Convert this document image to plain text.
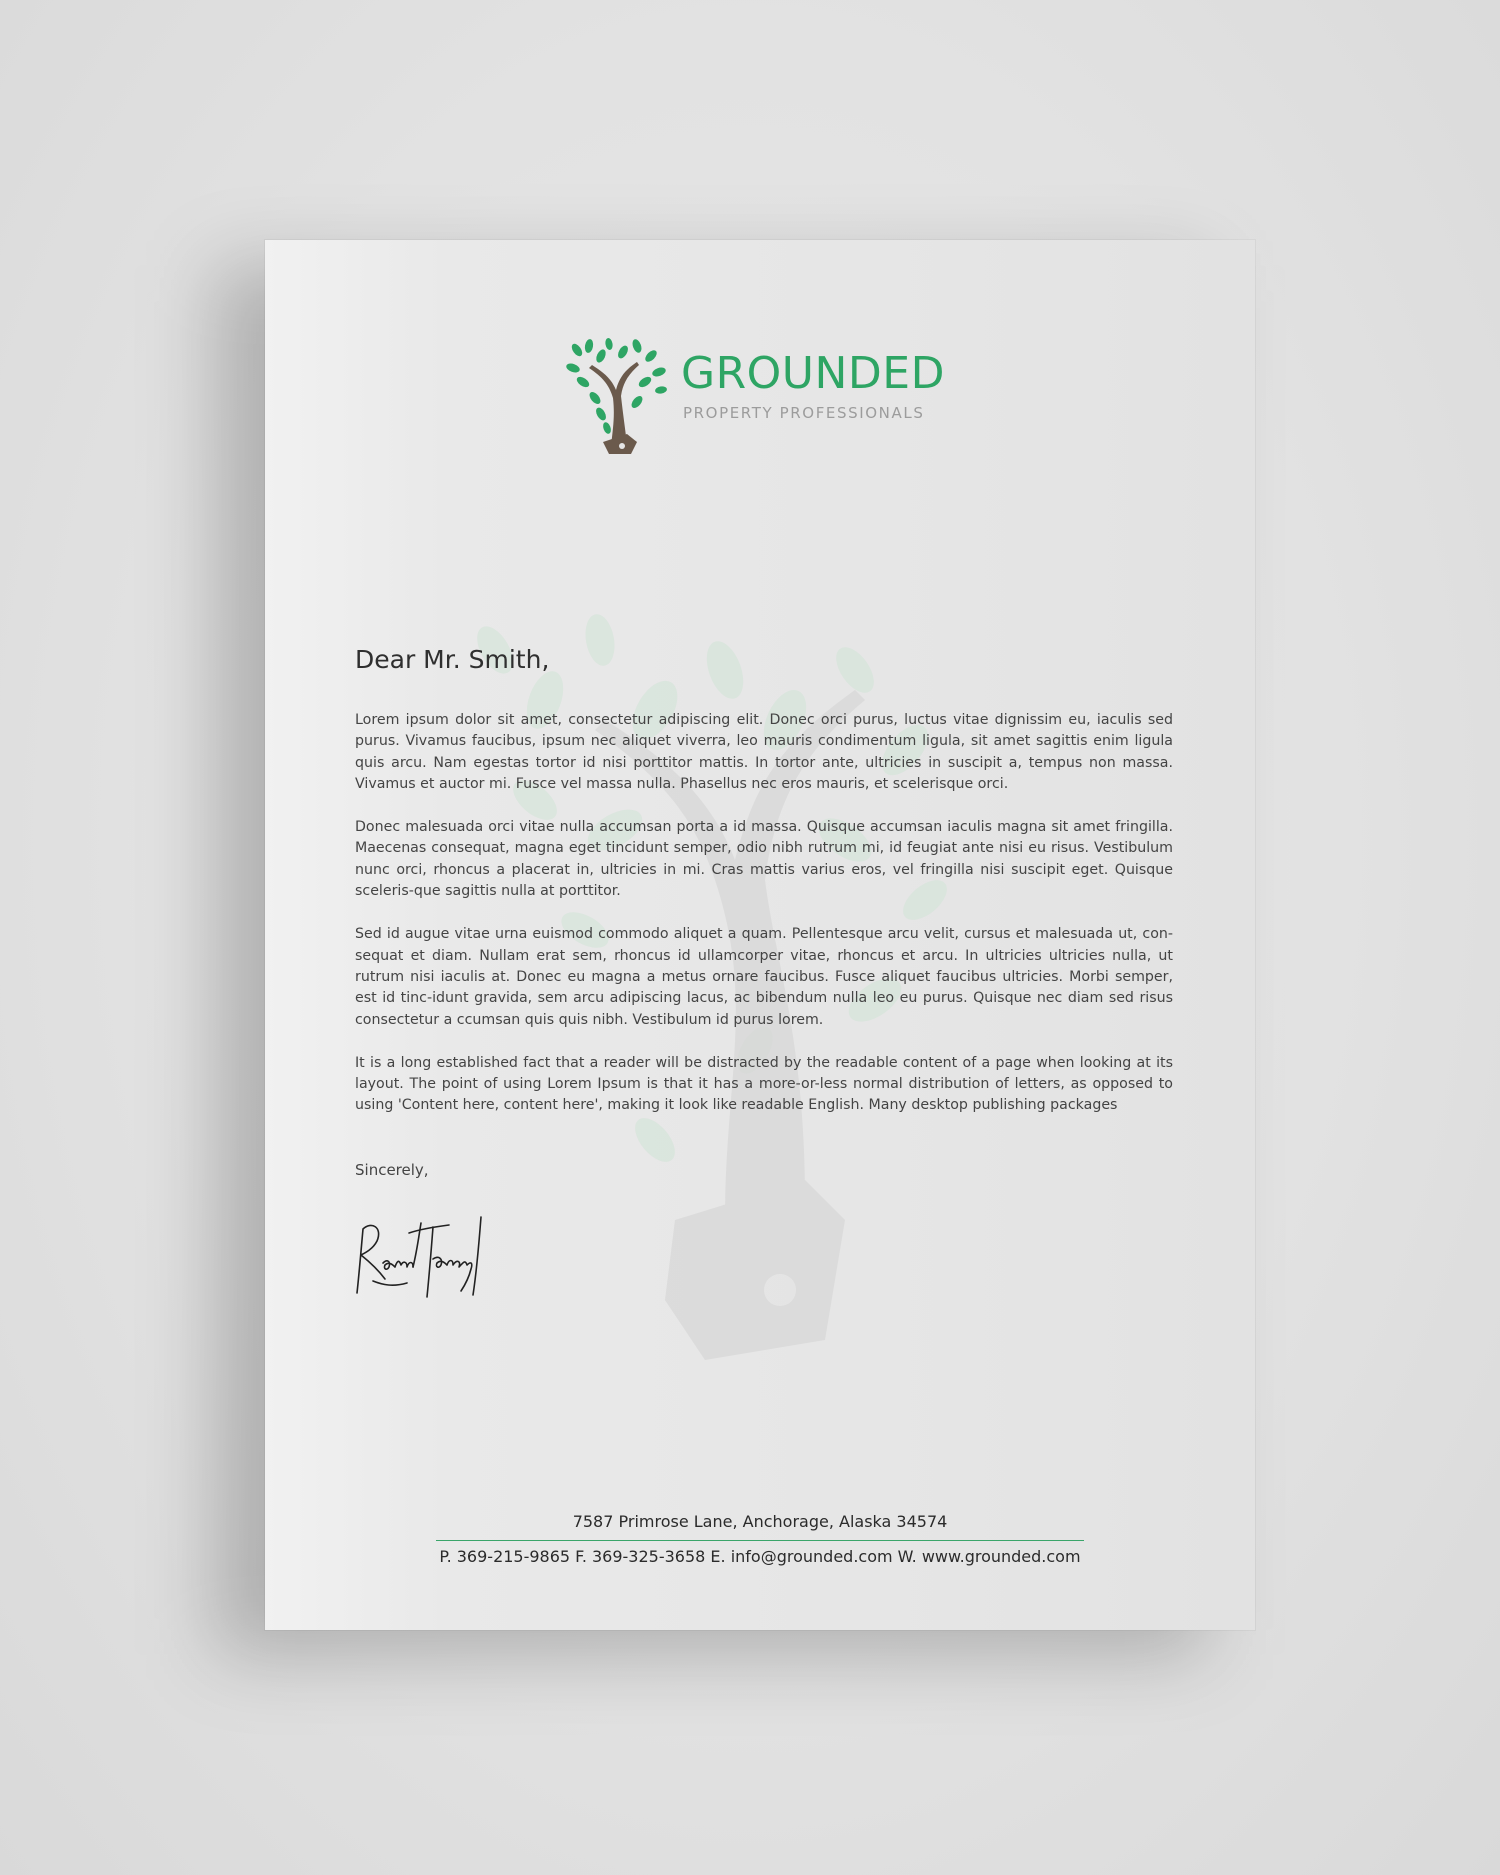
GROUNDED
PROPERTY PROFESSIONALS
Dear Mr. Smith,

Lorem ipsum dolor sit amet, consectetur adipiscing elit. Donec orci purus, luctus vitae dignissim eu, iaculis sed purus. Vivamus faucibus, ipsum nec aliquet viverra, leo mauris condimentum ligula, sit amet sagittis enim ligula quis arcu. Nam egestas tortor id nisi porttitor mattis. In tortor ante, ultricies in suscipit a, tempus non massa. Vivamus et auctor mi. Fusce vel massa nulla. Phasellus nec eros mauris, et scelerisque orci.

Donec malesuada orci vitae nulla accumsan porta a id massa. Quisque accumsan iaculis magna sit amet fringilla. Maecenas consequat, magna eget tincidunt semper, odio nibh rutrum mi, id feugiat ante nisi eu risus. Vestibulum nunc orci, rhoncus a placerat in, ultricies in mi. Cras mattis varius eros, vel fringilla nisi suscipit eget. Quisque sceleris-que sagittis nulla at porttitor.

Sed id augue vitae urna euismod commodo aliquet a quam. Pellentesque arcu velit, cursus et malesuada ut, con-sequat et diam. Nullam erat sem, rhoncus id ullamcorper vitae, rhoncus et arcu. In ultricies ultricies nulla, ut rutrum nisi iaculis at. Donec eu magna a metus ornare faucibus. Fusce aliquet faucibus ultricies. Morbi semper, est id tinc-idunt gravida, sem arcu adipiscing lacus, ac bibendum nulla leo eu purus. Quisque nec diam sed risus consectetur a ccumsan quis quis nibh. Vestibulum id purus lorem.

It is a long established fact that a reader will be distracted by the readable content of a page when looking at its layout. The point of using Lorem Ipsum is that it has a more-or-less normal distribution of letters, as opposed to using 'Content here, content here', making it look like readable English. Many desktop publishing packages

Sincerely,
7587 Primrose Lane, Anchorage, Alaska 34574
P. 369-215-9865 F. 369-325-3658 E. info@grounded.com W. www.grounded.com
